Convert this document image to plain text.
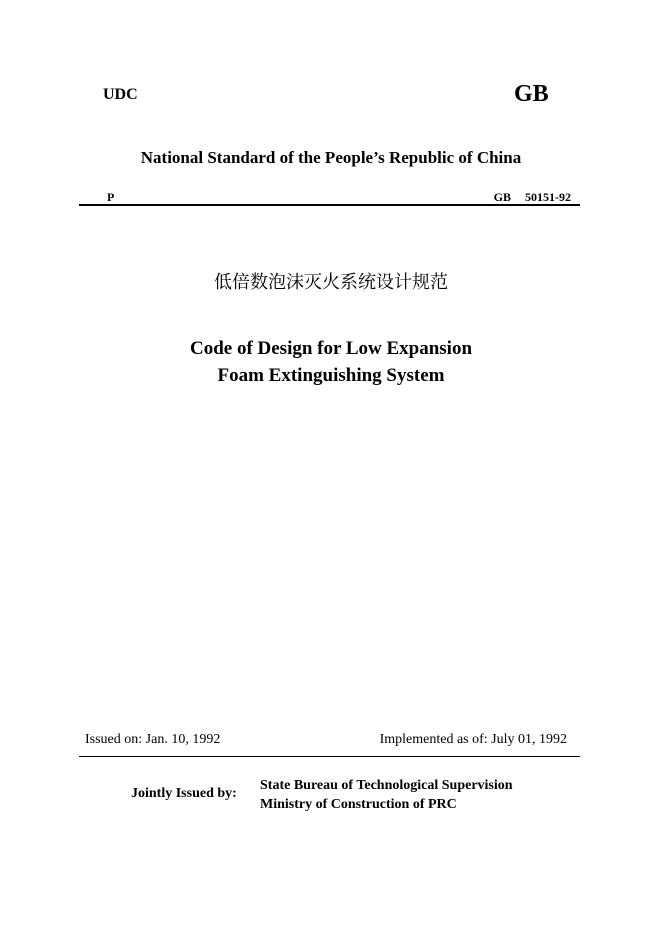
UDC	GB
National Standard of the People’s Republic of China
P	GB 50151-92
低倍数泡沫灭火系统设计规范
Code of Design for Low Expansion
Foam Extinguishing System
Issued on: Jan. 10, 1992	Implemented as of: July 01, 1992
Jointly Issued by:
State Bureau of Technological Supervision
Ministry of Construction of PRC
